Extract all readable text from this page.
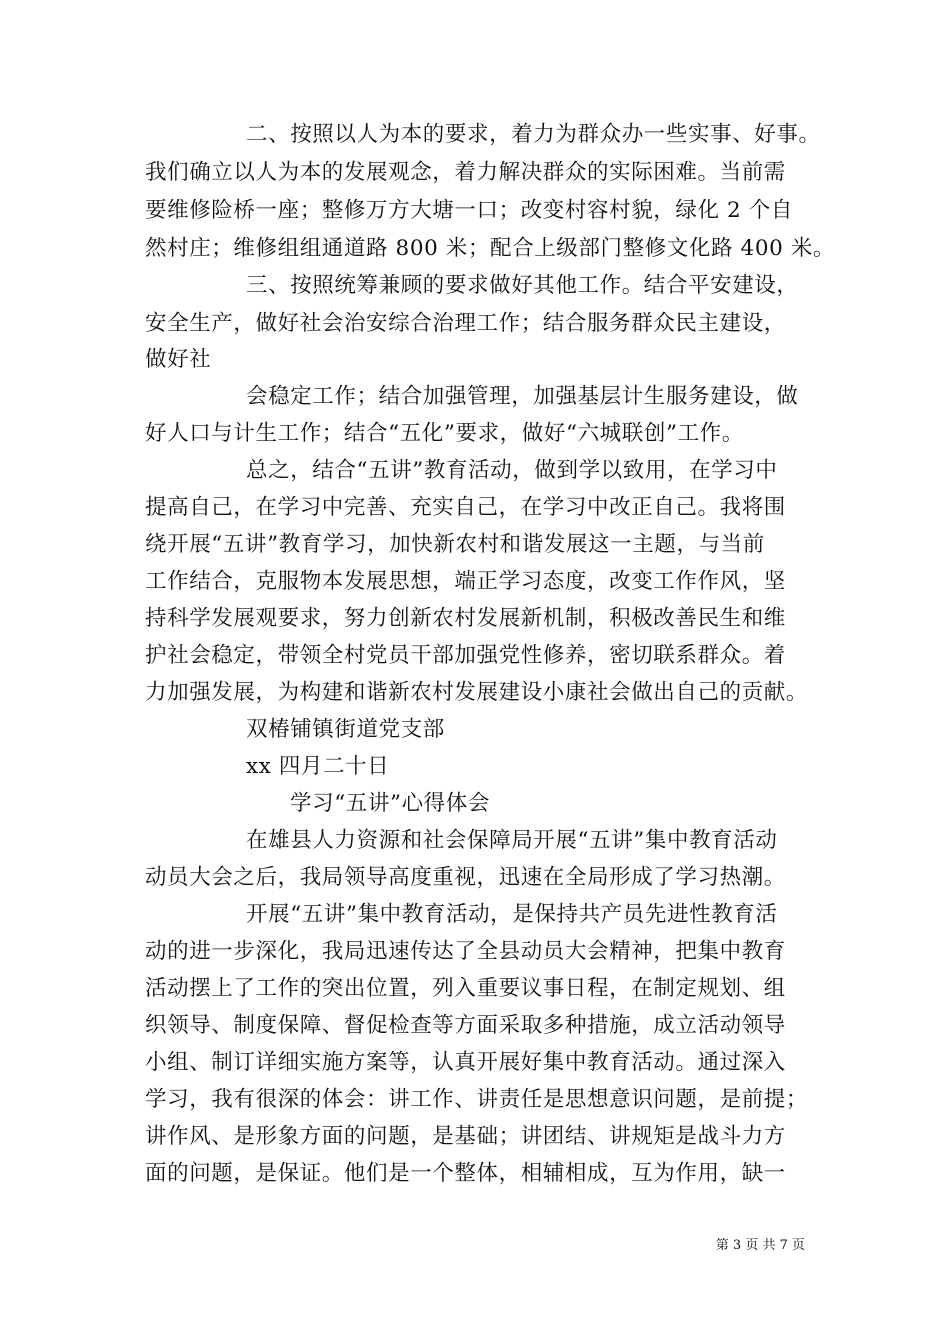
二、按照以人为本的要求，着力为群众办一些实事、好事。
我们确立以人为本的发展观念，着力解决群众的实际困难。当前需
要维修险桥一座；整修万方大塘一口；改变村容村貌，绿化 2 个自
然村庄；维修组组通道路 800 米；配合上级部门整修文化路 400 米。
三、按照统筹兼顾的要求做好其他工作。结合平安建设，
安全生产，做好社会治安综合治理工作；结合服务群众民主建设，
做好社
会稳定工作；结合加强管理，加强基层计生服务建设，做
好人口与计生工作；结合“五化”要求，做好“六城联创”工作。
总之，结合“五讲”教育活动，做到学以致用，在学习中
提高自己，在学习中完善、充实自己，在学习中改正自己。我将围
绕开展“五讲”教育学习，加快新农村和谐发展这一主题，与当前
工作结合，克服物本发展思想，端正学习态度，改变工作作风，坚
持科学发展观要求，努力创新农村发展新机制，积极改善民生和维
护社会稳定，带领全村党员干部加强党性修养，密切联系群众。着
力加强发展，为构建和谐新农村发展建设小康社会做出自己的贡献。
双椿铺镇街道党支部
xx 四月二十日
学习“五讲”心得体会
在雄县人力资源和社会保障局开展“五讲”集中教育活动
动员大会之后，我局领导高度重视，迅速在全局形成了学习热潮。
开展“五讲”集中教育活动，是保持共产员先进性教育活
动的进一步深化，我局迅速传达了全县动员大会精神，把集中教育
活动摆上了工作的突出位置，列入重要议事日程，在制定规划、组
织领导、制度保障、督促检查等方面采取多种措施，成立活动领导
小组、制订详细实施方案等，认真开展好集中教育活动。通过深入
学习，我有很深的体会：讲工作、讲责任是思想意识问题，是前提；
讲作风、是形象方面的问题，是基础；讲团结、讲规矩是战斗力方
面的问题，是保证。他们是一个整体，相辅相成，互为作用，缺一
第 3 页 共 7 页
